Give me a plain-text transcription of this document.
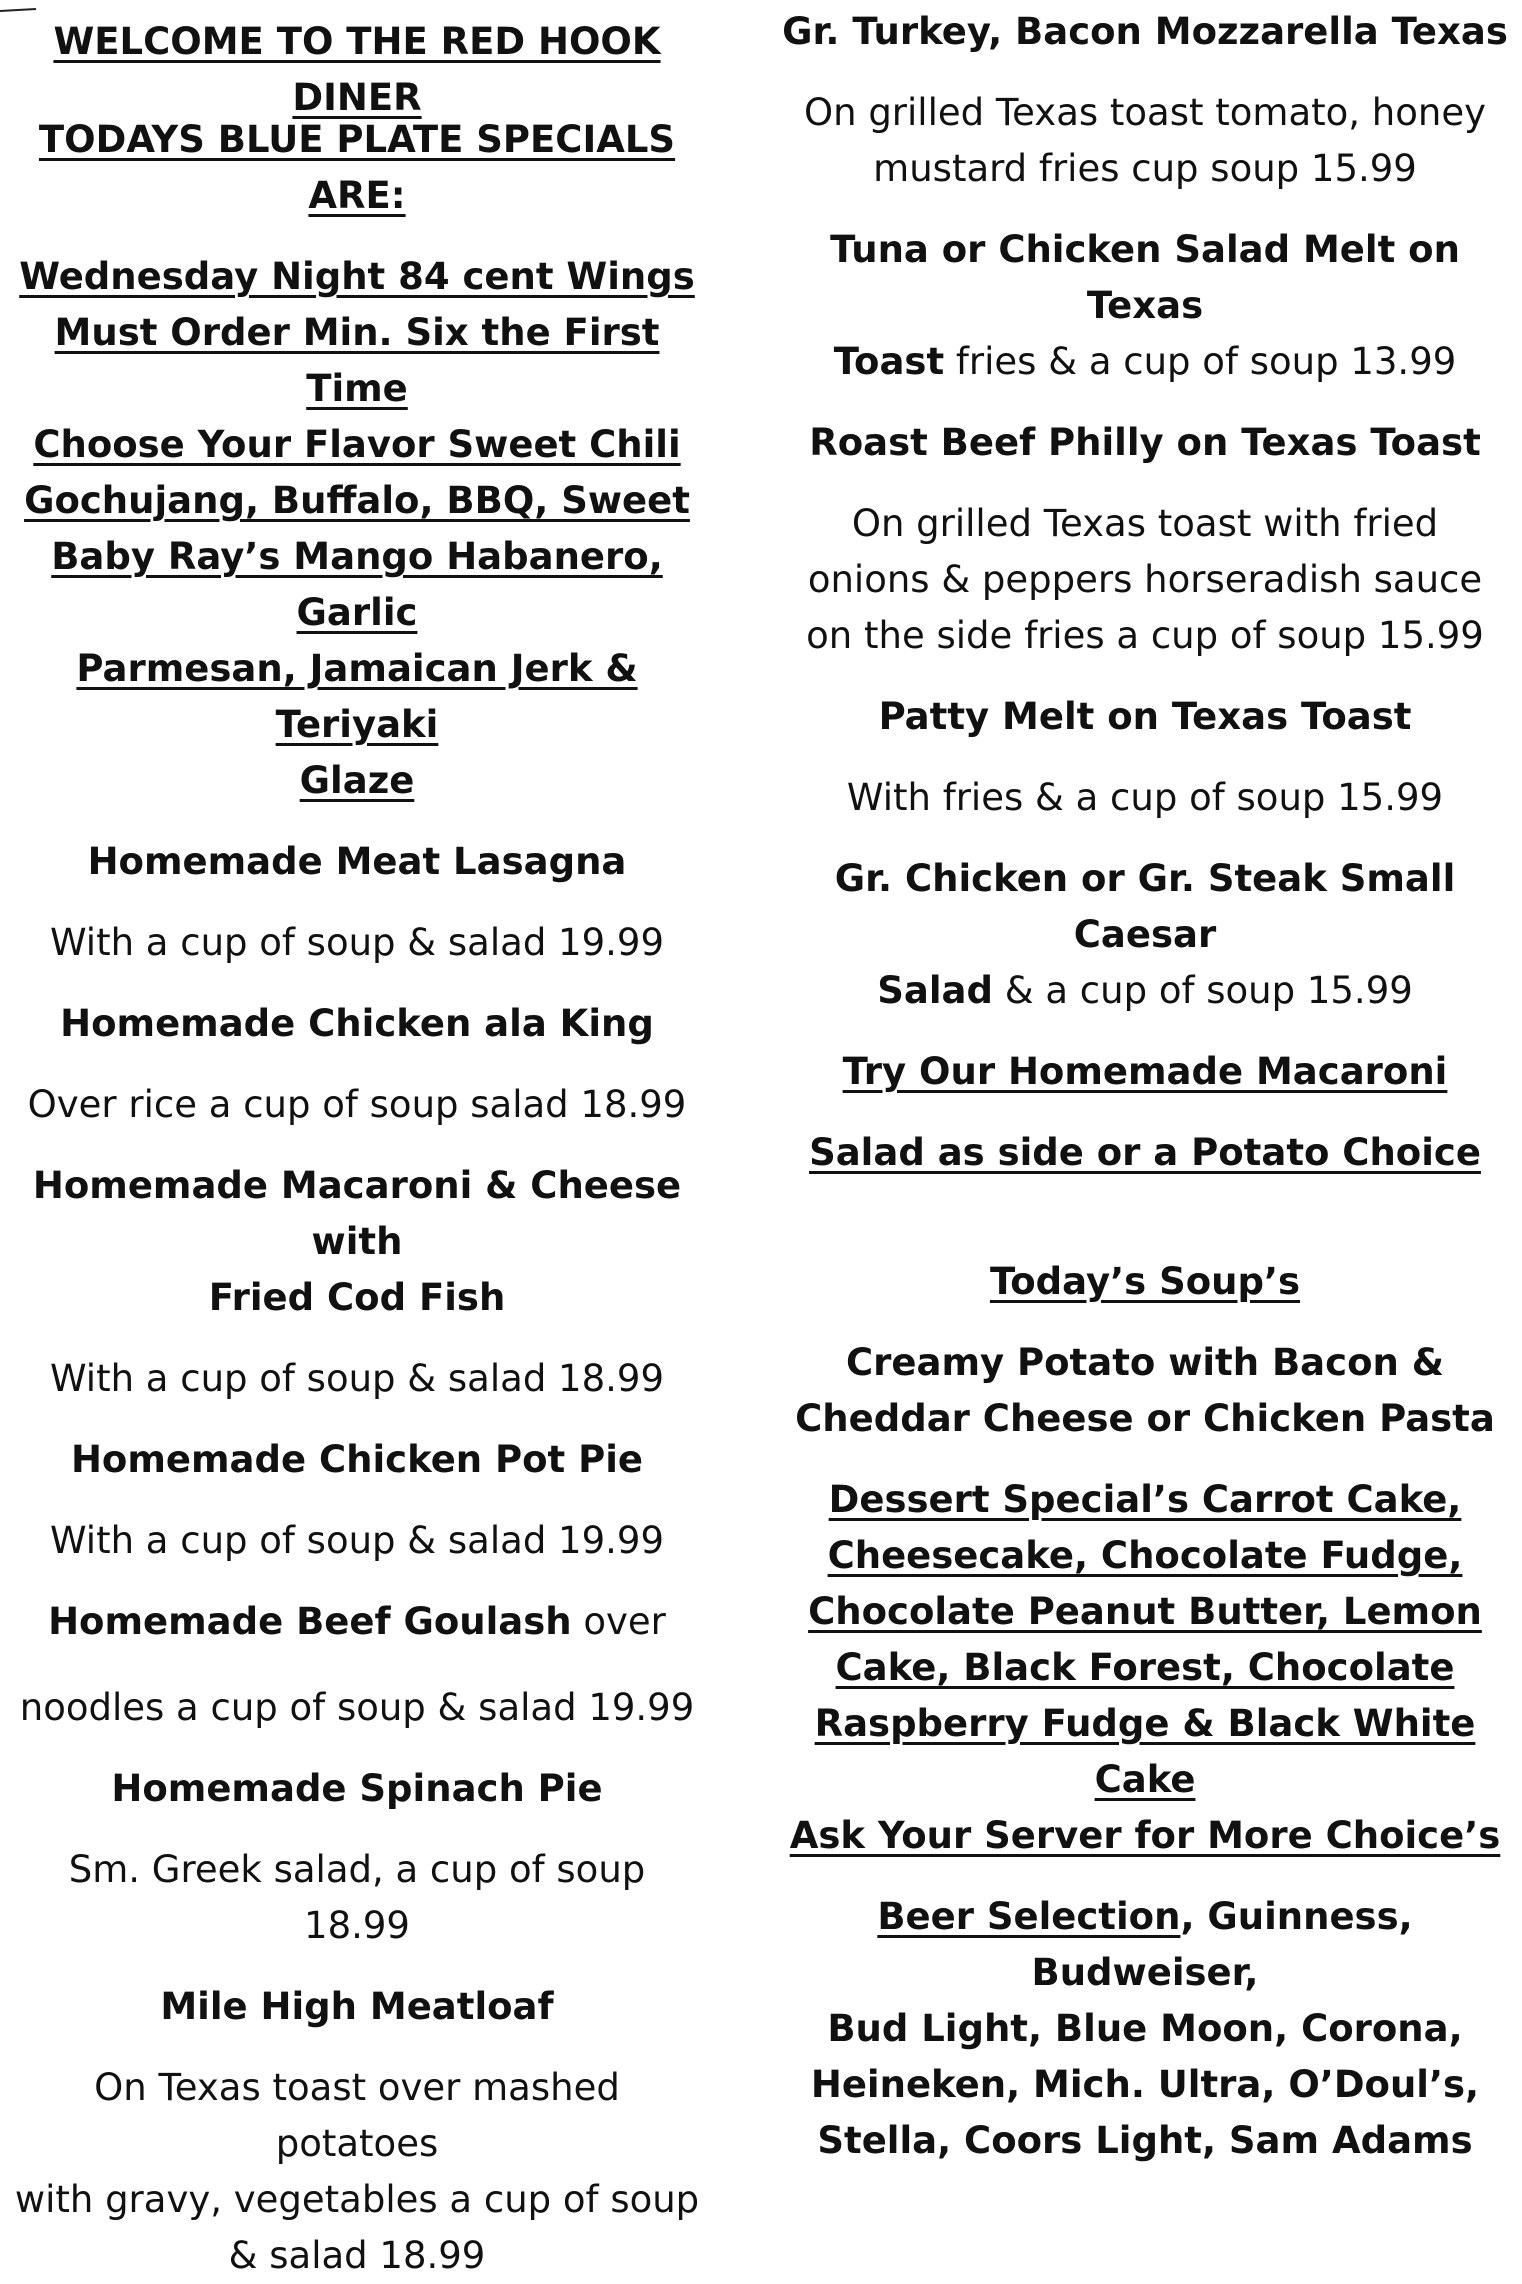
WELCOME TO THE RED HOOK DINER
TODAYS BLUE PLATE SPECIALS ARE:
Wednesday Night 84 cent Wings
Must Order Min. Six the First Time
Choose Your Flavor Sweet Chili
Gochujang, Buffalo, BBQ, Sweet
Baby Ray’s Mango Habanero, Garlic
Parmesan, Jamaican Jerk & Teriyaki
Glaze
Homemade Meat Lasagna
With a cup of soup & salad 19.99
Homemade Chicken ala King
Over rice a cup of soup salad 18.99
Homemade Macaroni & Cheese with
Fried Cod Fish
With a cup of soup & salad 18.99
Homemade Chicken Pot Pie
With a cup of soup & salad 19.99
Homemade Beef Goulash over
noodles a cup of soup & salad 19.99
Homemade Spinach Pie
Sm. Greek salad, a cup of soup 18.99
Mile High Meatloaf
On Texas toast over mashed potatoes
with gravy, vegetables a cup of soup
& salad 18.99
Gr. Turkey, Bacon Mozzarella Texas
On grilled Texas toast tomato, honey
mustard fries cup soup 15.99
Tuna or Chicken Salad Melt on Texas
Toast fries & a cup of soup 13.99
Roast Beef Philly on Texas Toast
On grilled Texas toast with fried
onions & peppers horseradish sauce
on the side fries a cup of soup 15.99
Patty Melt on Texas Toast
With fries & a cup of soup 15.99
Gr. Chicken or Gr. Steak Small Caesar
Salad & a cup of soup 15.99
Try Our Homemade Macaroni
Salad as side or a Potato Choice
Today’s Soup’s
Creamy Potato with Bacon &
Cheddar Cheese or Chicken Pasta
Dessert Special’s Carrot Cake,
Cheesecake, Chocolate Fudge,
Chocolate Peanut Butter, Lemon
Cake, Black Forest, Chocolate
Raspberry Fudge & Black White Cake
Ask Your Server for More Choice’s
Beer Selection, Guinness, Budweiser,
Bud Light, Blue Moon, Corona,
Heineken, Mich. Ultra, O’Doul’s,
Stella, Coors Light, Sam Adams
